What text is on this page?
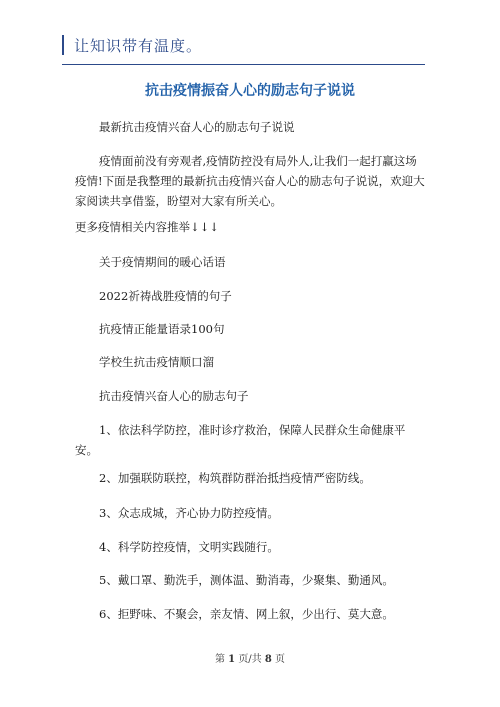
让知识带有温度。
抗击疫情振奋人心的励志句子说说

最新抗击疫情兴奋人心的励志句子说说

疫情面前没有旁观者,疫情防控没有局外人,让我们一起打赢这场疫情!下面是我整理的最新抗击疫情兴奋人心的励志句子说说，欢迎大家阅读共享借鉴，盼望对大家有所关心。

更多疫情相关内容推举↓↓↓

关于疫情期间的暖心话语

2022祈祷战胜疫情的句子

抗疫情正能量语录100句

学校生抗击疫情顺口溜

抗击疫情兴奋人心的励志句子

1、依法科学防控，准时诊疗救治，保障人民群众生命健康平安。

2、加强联防联控，构筑群防群治抵挡疫情严密防线。

3、众志成城，齐心协力防控疫情。

4、科学防控疫情，文明实践随行。

5、戴口罩、勤洗手，测体温、勤消毒，少聚集、勤通风。

6、拒野味、不聚会，亲友情、网上叙，少出行、莫大意。

第 1 页/共 8 页
